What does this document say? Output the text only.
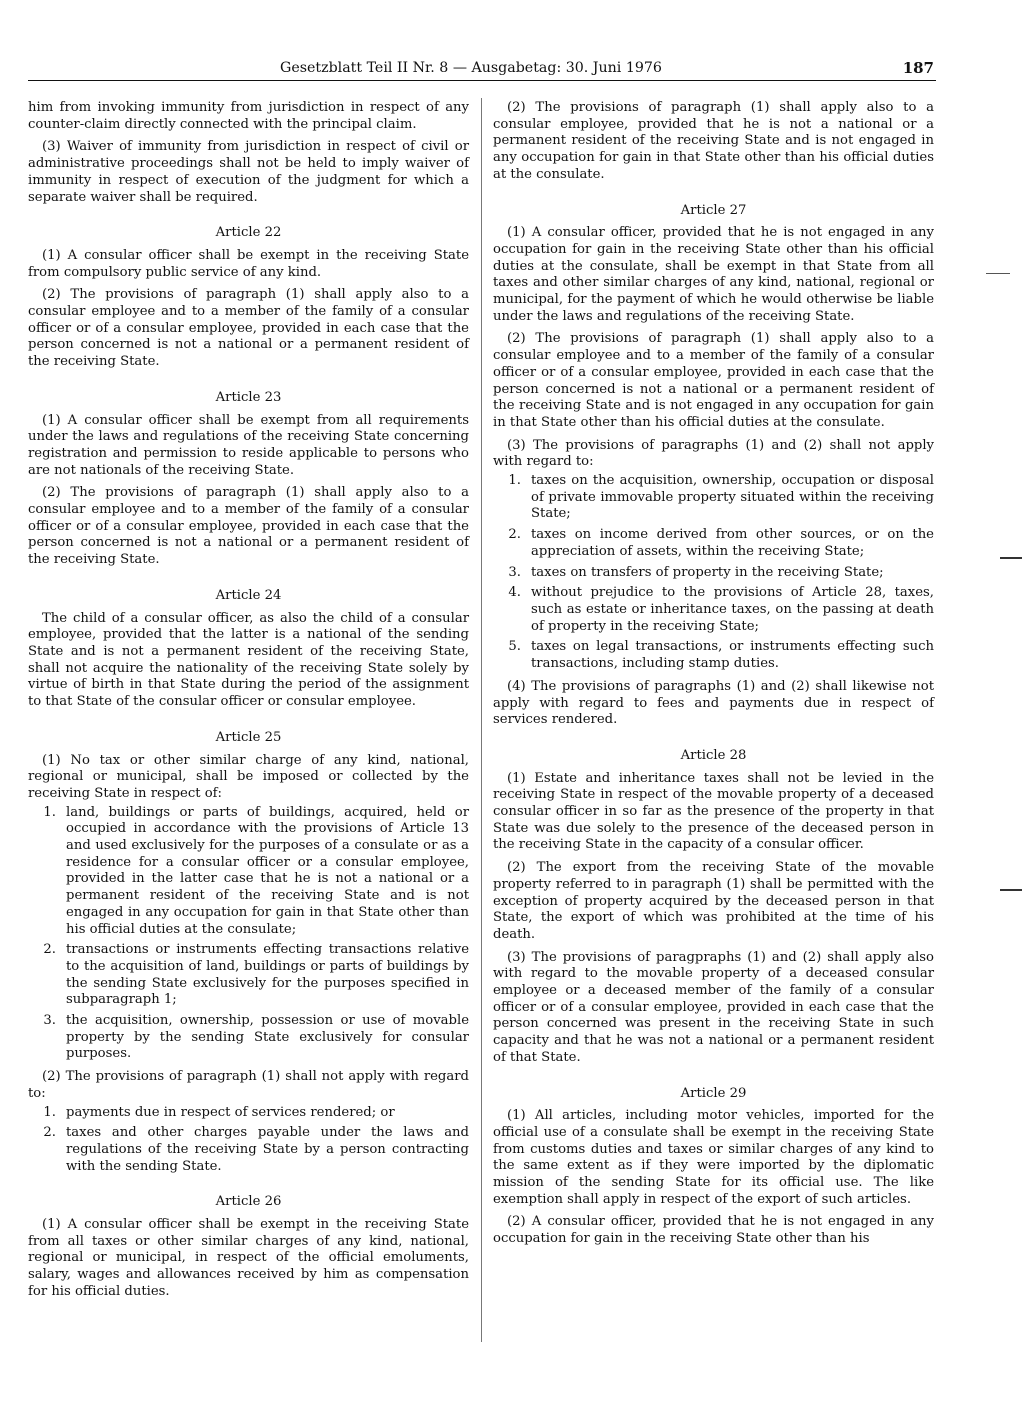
Gesetzblatt Teil II Nr. 8 — Ausgabetag: 30. Juni 1976	187

him from invoking immunity from jurisdiction in respect of any counter-claim directly connected with the principal claim.

(3) Waiver of immunity from jurisdiction in respect of civil or administrative proceedings shall not be held to imply waiver of immunity in respect of execution of the judgment for which a separate waiver shall be required.

Article 22

(1) A consular officer shall be exempt in the receiving State from compulsory public service of any kind.

(2) The provisions of paragraph (1) shall apply also to a consular employee and to a member of the family of a consular officer or of a consular employee, provided in each case that the person concerned is not a national or a permanent resident of the receiving State.

Article 23

(1) A consular officer shall be exempt from all requirements under the laws and regulations of the receiving State concerning registration and permission to reside applicable to persons who are not nationals of the receiving State.

(2) The provisions of paragraph (1) shall apply also to a consular employee and to a member of the family of a consular officer or of a consular employee, provided in each case that the person concerned is not a national or a permanent resident of the receiving State.

Article 24

The child of a consular officer, as also the child of a consular employee, provided that the latter is a national of the sending State and is not a permanent resident of the receiving State, shall not acquire the nationality of the receiving State solely by virtue of birth in that State during the period of the assignment to that State of the consular officer or consular employee.

Article 25

(1) No tax or other similar charge of any kind, national, regional or municipal, shall be imposed or collected by the receiving State in respect of:

1. land, buildings or parts of buildings, acquired, held or occupied in accordance with the provisions of Article 13 and used exclusively for the purposes of a consulate or as a residence for a consular officer or a consular employee, provided in the latter case that he is not a national or a permanent resident of the receiving State and is not engaged in any occupation for gain in that State other than his official duties at the consulate;
2. transactions or instruments effecting transactions relative to the acquisition of land, buildings or parts of buildings by the sending State exclusively for the purposes specified in subparagraph 1;
3. the acquisition, ownership, possession or use of movable property by the sending State exclusively for consular purposes.

(2) The provisions of paragraph (1) shall not apply with regard to:

1. payments due in respect of services rendered; or
2. taxes and other charges payable under the laws and regulations of the receiving State by a person contracting with the sending State.
Article 26

(1) A consular officer shall be exempt in the receiving State from all taxes or other similar charges of any kind, national, regional or municipal, in respect of the official emoluments, salary, wages and allowances received by him as compensation for his official duties.

(2) The provisions of paragraph (1) shall apply also to a consular employee, provided that he is not a national or a permanent resident of the receiving State and is not engaged in any occupation for gain in that State other than his official duties at the consulate.

Article 27

(1) A consular officer, provided that he is not engaged in any occupation for gain in the receiving State other than his official duties at the consulate, shall be exempt in that State from all taxes and other similar charges of any kind, national, regional or municipal, for the payment of which he would otherwise be liable under the laws and regulations of the receiving State.

(2) The provisions of paragraph (1) shall apply also to a consular employee and to a member of the family of a consular officer or of a consular employee, provided in each case that the person concerned is not a national or a permanent resident of the receiving State and is not engaged in any occupation for gain in that State other than his official duties at the consulate.

(3) The provisions of paragraphs (1) and (2) shall not apply with regard to:

1. taxes on the acquisition, ownership, occupation or disposal of private immovable property situated within the receiving State;
2. taxes on income derived from other sources, or on the appreciation of assets, within the receiving State;
3. taxes on transfers of property in the receiving State;
4. without prejudice to the provisions of Article 28, taxes, such as estate or inheritance taxes, on the passing at death of property in the receiving State;
5. taxes on legal transactions, or instruments effecting such transactions, including stamp duties.

(4) The provisions of paragraphs (1) and (2) shall likewise not apply with regard to fees and payments due in respect of services rendered.

Article 28

(1) Estate and inheritance taxes shall not be levied in the receiving State in respect of the movable property of a deceased consular officer in so far as the presence of the property in that State was due solely to the presence of the deceased person in the receiving State in the capacity of a consular officer.

(2) The export from the receiving State of the movable property referred to in paragraph (1) shall be permitted with the exception of property acquired by the deceased person in that State, the export of which was prohibited at the time of his death.

(3) The provisions of paragpraphs (1) and (2) shall apply also with regard to the movable property of a deceased consular employee or a deceased member of the family of a consular officer or of a consular employee, provided in each case that the person concerned was present in the receiving State in such capacity and that he was not a national or a permanent resident of that State.

Article 29

(1) All articles, including motor vehicles, imported for the official use of a consulate shall be exempt in the receiving State from customs duties and taxes or similar charges of any kind to the same extent as if they were imported by the diplomatic mission of the sending State for its official use. The like exemption shall apply in respect of the export of such articles.

(2) A consular officer, provided that he is not engaged in any occupation for gain in the receiving State other than his
